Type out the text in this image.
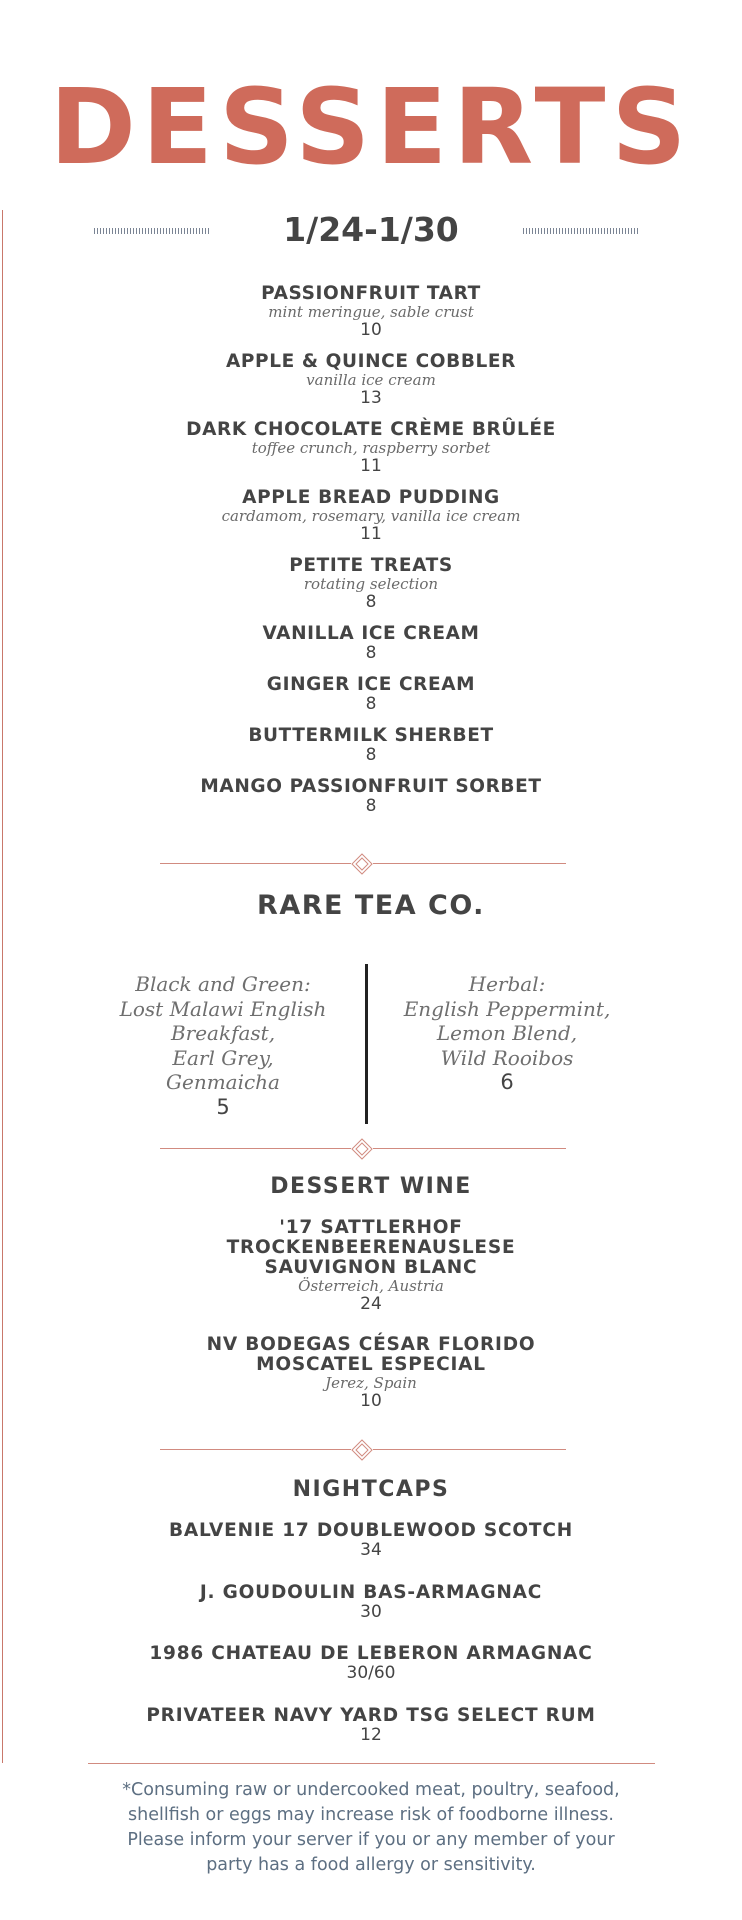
DESSERTS
1/24-1/30
PASSIONFRUIT TART
mint meringue, sable crust
10
APPLE & QUINCE COBBLER
vanilla ice cream
13
DARK CHOCOLATE CRÈME BRÛLÉE
toffee crunch, raspberry sorbet
11
APPLE BREAD PUDDING
cardamom, rosemary, vanilla ice cream
11
PETITE TREATS
rotating selection
8
VANILLA ICE CREAM
8
GINGER ICE CREAM
8
BUTTERMILK SHERBET
8
MANGO PASSIONFRUIT SORBET
8
RARE TEA CO.
Black and Green:
Lost Malawi English Breakfast,
Earl Grey,
Genmaicha
5
Herbal:
English Peppermint,
Lemon Blend,
Wild Rooibos
6
DESSERT WINE
'17 SATTLERHOF
TROCKENBEERENAUSLESE
SAUVIGNON BLANC
Österreich, Austria
24
NV BODEGAS CÉSAR FLORIDO
MOSCATEL ESPECIAL
Jerez, Spain
10
NIGHTCAPS
BALVENIE 17 DOUBLEWOOD SCOTCH
34
J. GOUDOULIN BAS-ARMAGNAC
30
1986 CHATEAU DE LEBERON ARMAGNAC
30/60
PRIVATEER NAVY YARD TSG SELECT RUM
12
*Consuming raw or undercooked meat, poultry, seafood,
shellfish or eggs may increase risk of foodborne illness.
Please inform your server if you or any member of your
party has a food allergy or sensitivity.
